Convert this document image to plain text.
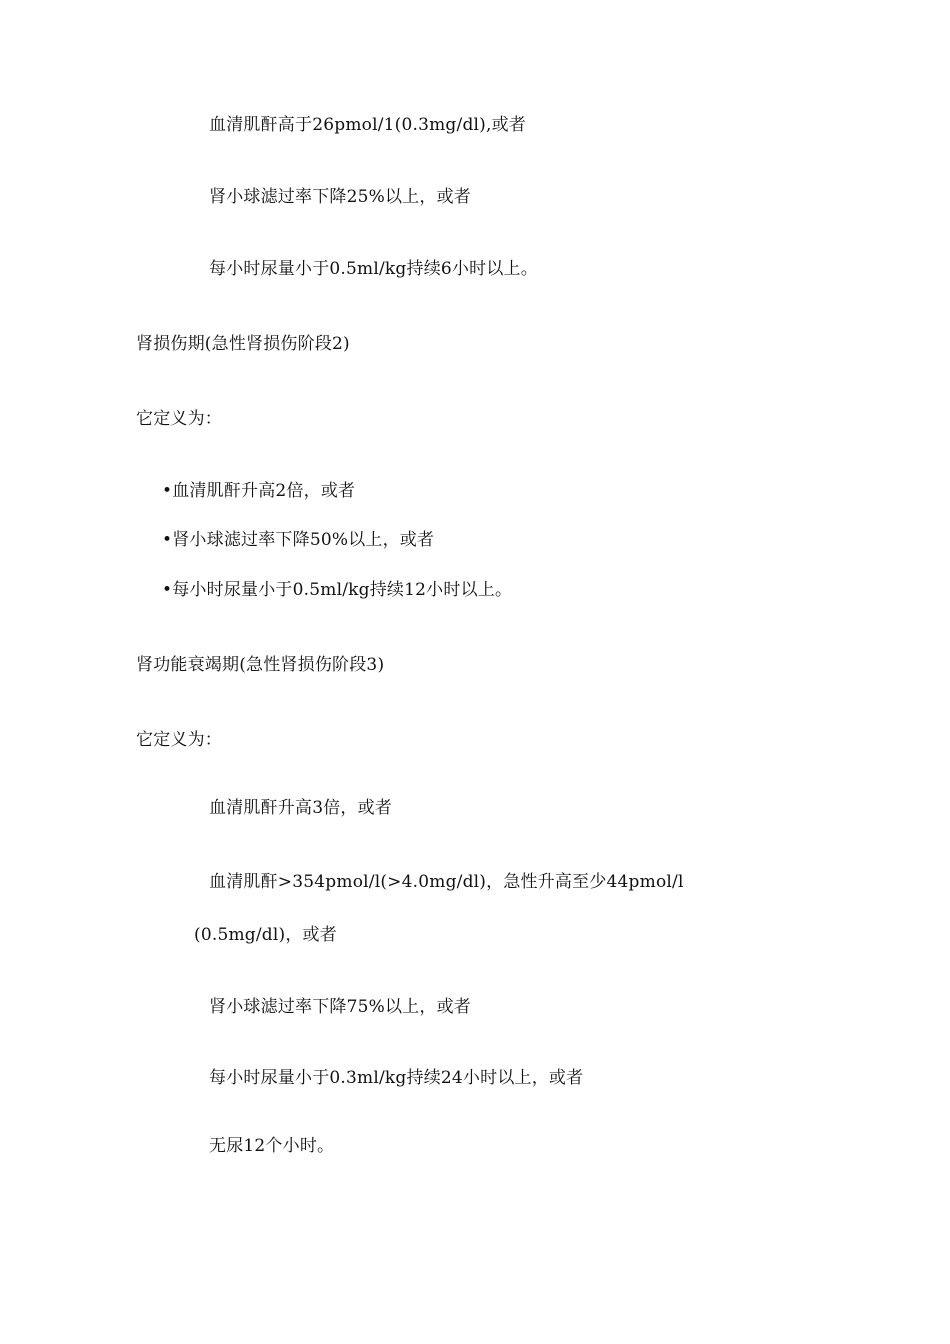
血清肌酐高于26pmol/1(0.3mg/dl),或者
肾小球滤过率下降25%以上，或者
每小时尿量小于0.5ml/kg持续6小时以上。
肾损伤期(急性肾损伤阶段2)
它定义为：
•血清肌酐升高2倍，或者
•肾小球滤过率下降50%以上，或者
•每小时尿量小于0.5ml/kg持续12小时以上。
肾功能衰竭期(急性肾损伤阶段3)
它定义为：
血清肌酐升高3倍，或者
血清肌酐>354pmol/l(>4.0mg/dl)，急性升高至少44pmol/l
(0.5mg/dl)，或者
肾小球滤过率下降75%以上，或者
每小时尿量小于0.3ml/kg持续24小时以上，或者
无尿12个小时。
